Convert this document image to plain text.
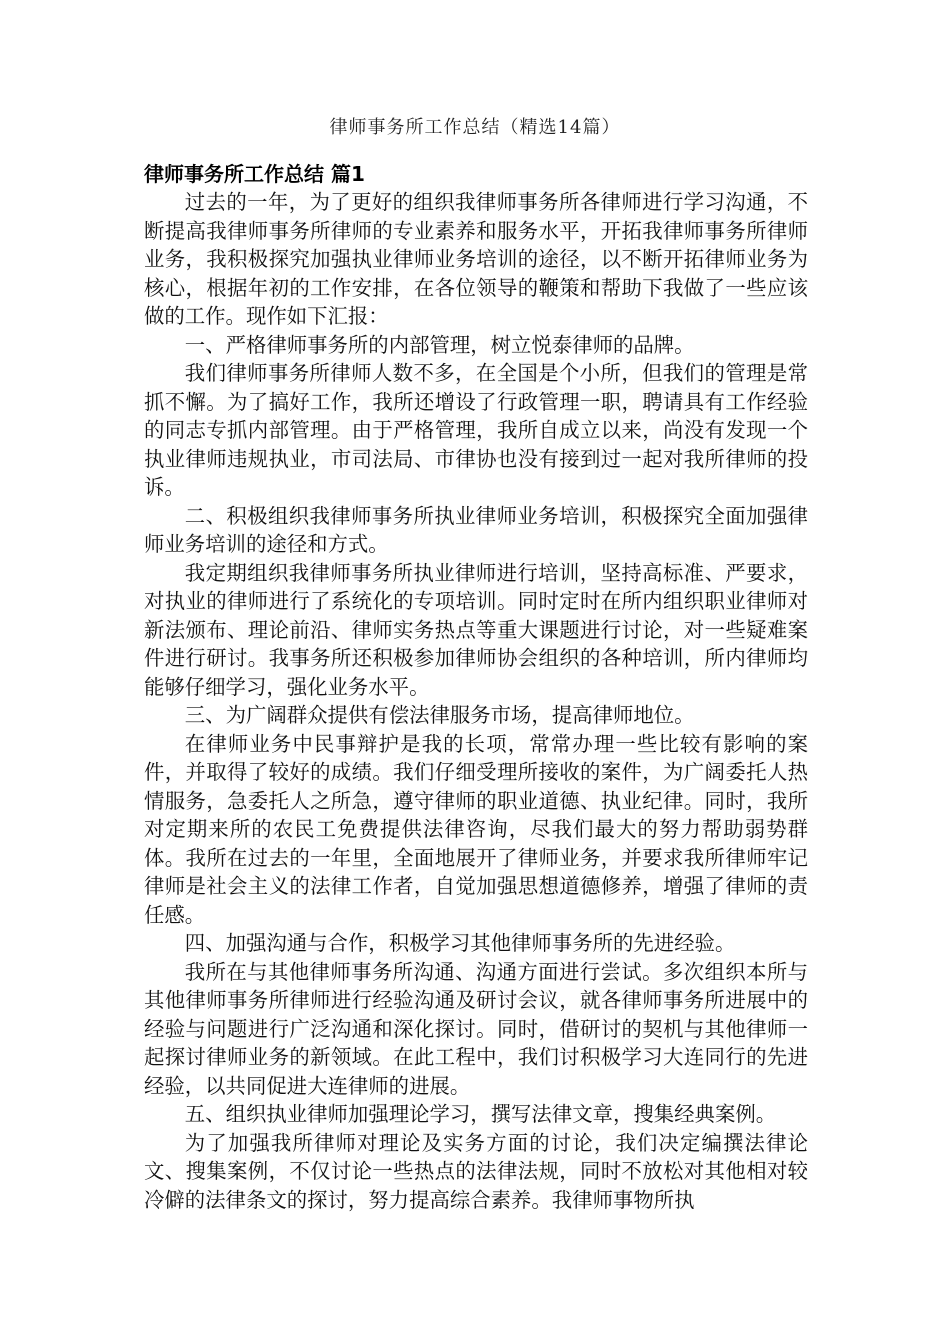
律师事务所工作总结（精选14篇）
律师事务所工作总结 篇1

过去的一年，为了更好的组织我律师事务所各律师进行学习沟通，不断提高我律师事务所律师的专业素养和服务水平，开拓我律师事务所律师业务，我积极探究加强执业律师业务培训的途径，以不断开拓律师业务为核心，根据年初的工作安排，在各位领导的鞭策和帮助下我做了一些应该做的工作。现作如下汇报：

一、严格律师事务所的内部管理，树立悦泰律师的品牌。

我们律师事务所律师人数不多，在全国是个小所，但我们的管理是常抓不懈。为了搞好工作，我所还增设了行政管理一职，聘请具有工作经验的同志专抓内部管理。由于严格管理，我所自成立以来，尚没有发现一个执业律师违规执业，市司法局、市律协也没有接到过一起对我所律师的投诉。

二、积极组织我律师事务所执业律师业务培训，积极探究全面加强律师业务培训的途径和方式。

我定期组织我律师事务所执业律师进行培训，坚持高标准、严要求，对执业的律师进行了系统化的专项培训。同时定时在所内组织职业律师对新法颁布、理论前沿、律师实务热点等重大课题进行讨论，对一些疑难案件进行研讨。我事务所还积极参加律师协会组织的各种培训，所内律师均能够仔细学习，强化业务水平。

三、为广阔群众提供有偿法律服务市场，提高律师地位。

在律师业务中民事辩护是我的长项，常常办理一些比较有影响的案件，并取得了较好的成绩。我们仔细受理所接收的案件，为广阔委托人热情服务，急委托人之所急，遵守律师的职业道德、执业纪律。同时，我所对定期来所的农民工免费提供法律咨询，尽我们最大的努力帮助弱势群体。我所在过去的一年里，全面地展开了律师业务，并要求我所律师牢记律师是社会主义的法律工作者，自觉加强思想道德修养，增强了律师的责任感。

四、加强沟通与合作，积极学习其他律师事务所的先进经验。

我所在与其他律师事务所沟通、沟通方面进行尝试。多次组织本所与其他律师事务所律师进行经验沟通及研讨会议，就各律师事务所进展中的经验与问题进行广泛沟通和深化探讨。同时，借研讨的契机与其他律师一起探讨律师业务的新领域。在此工程中，我们讨积极学习大连同行的先进经验，以共同促进大连律师的进展。

五、组织执业律师加强理论学习，撰写法律文章，搜集经典案例。

为了加强我所律师对理论及实务方面的讨论，我们决定编撰法律论文、搜集案例，不仅讨论一些热点的法律法规，同时不放松对其他相对较冷僻的法律条文的探讨，努力提高综合素养。我律师事物所执
